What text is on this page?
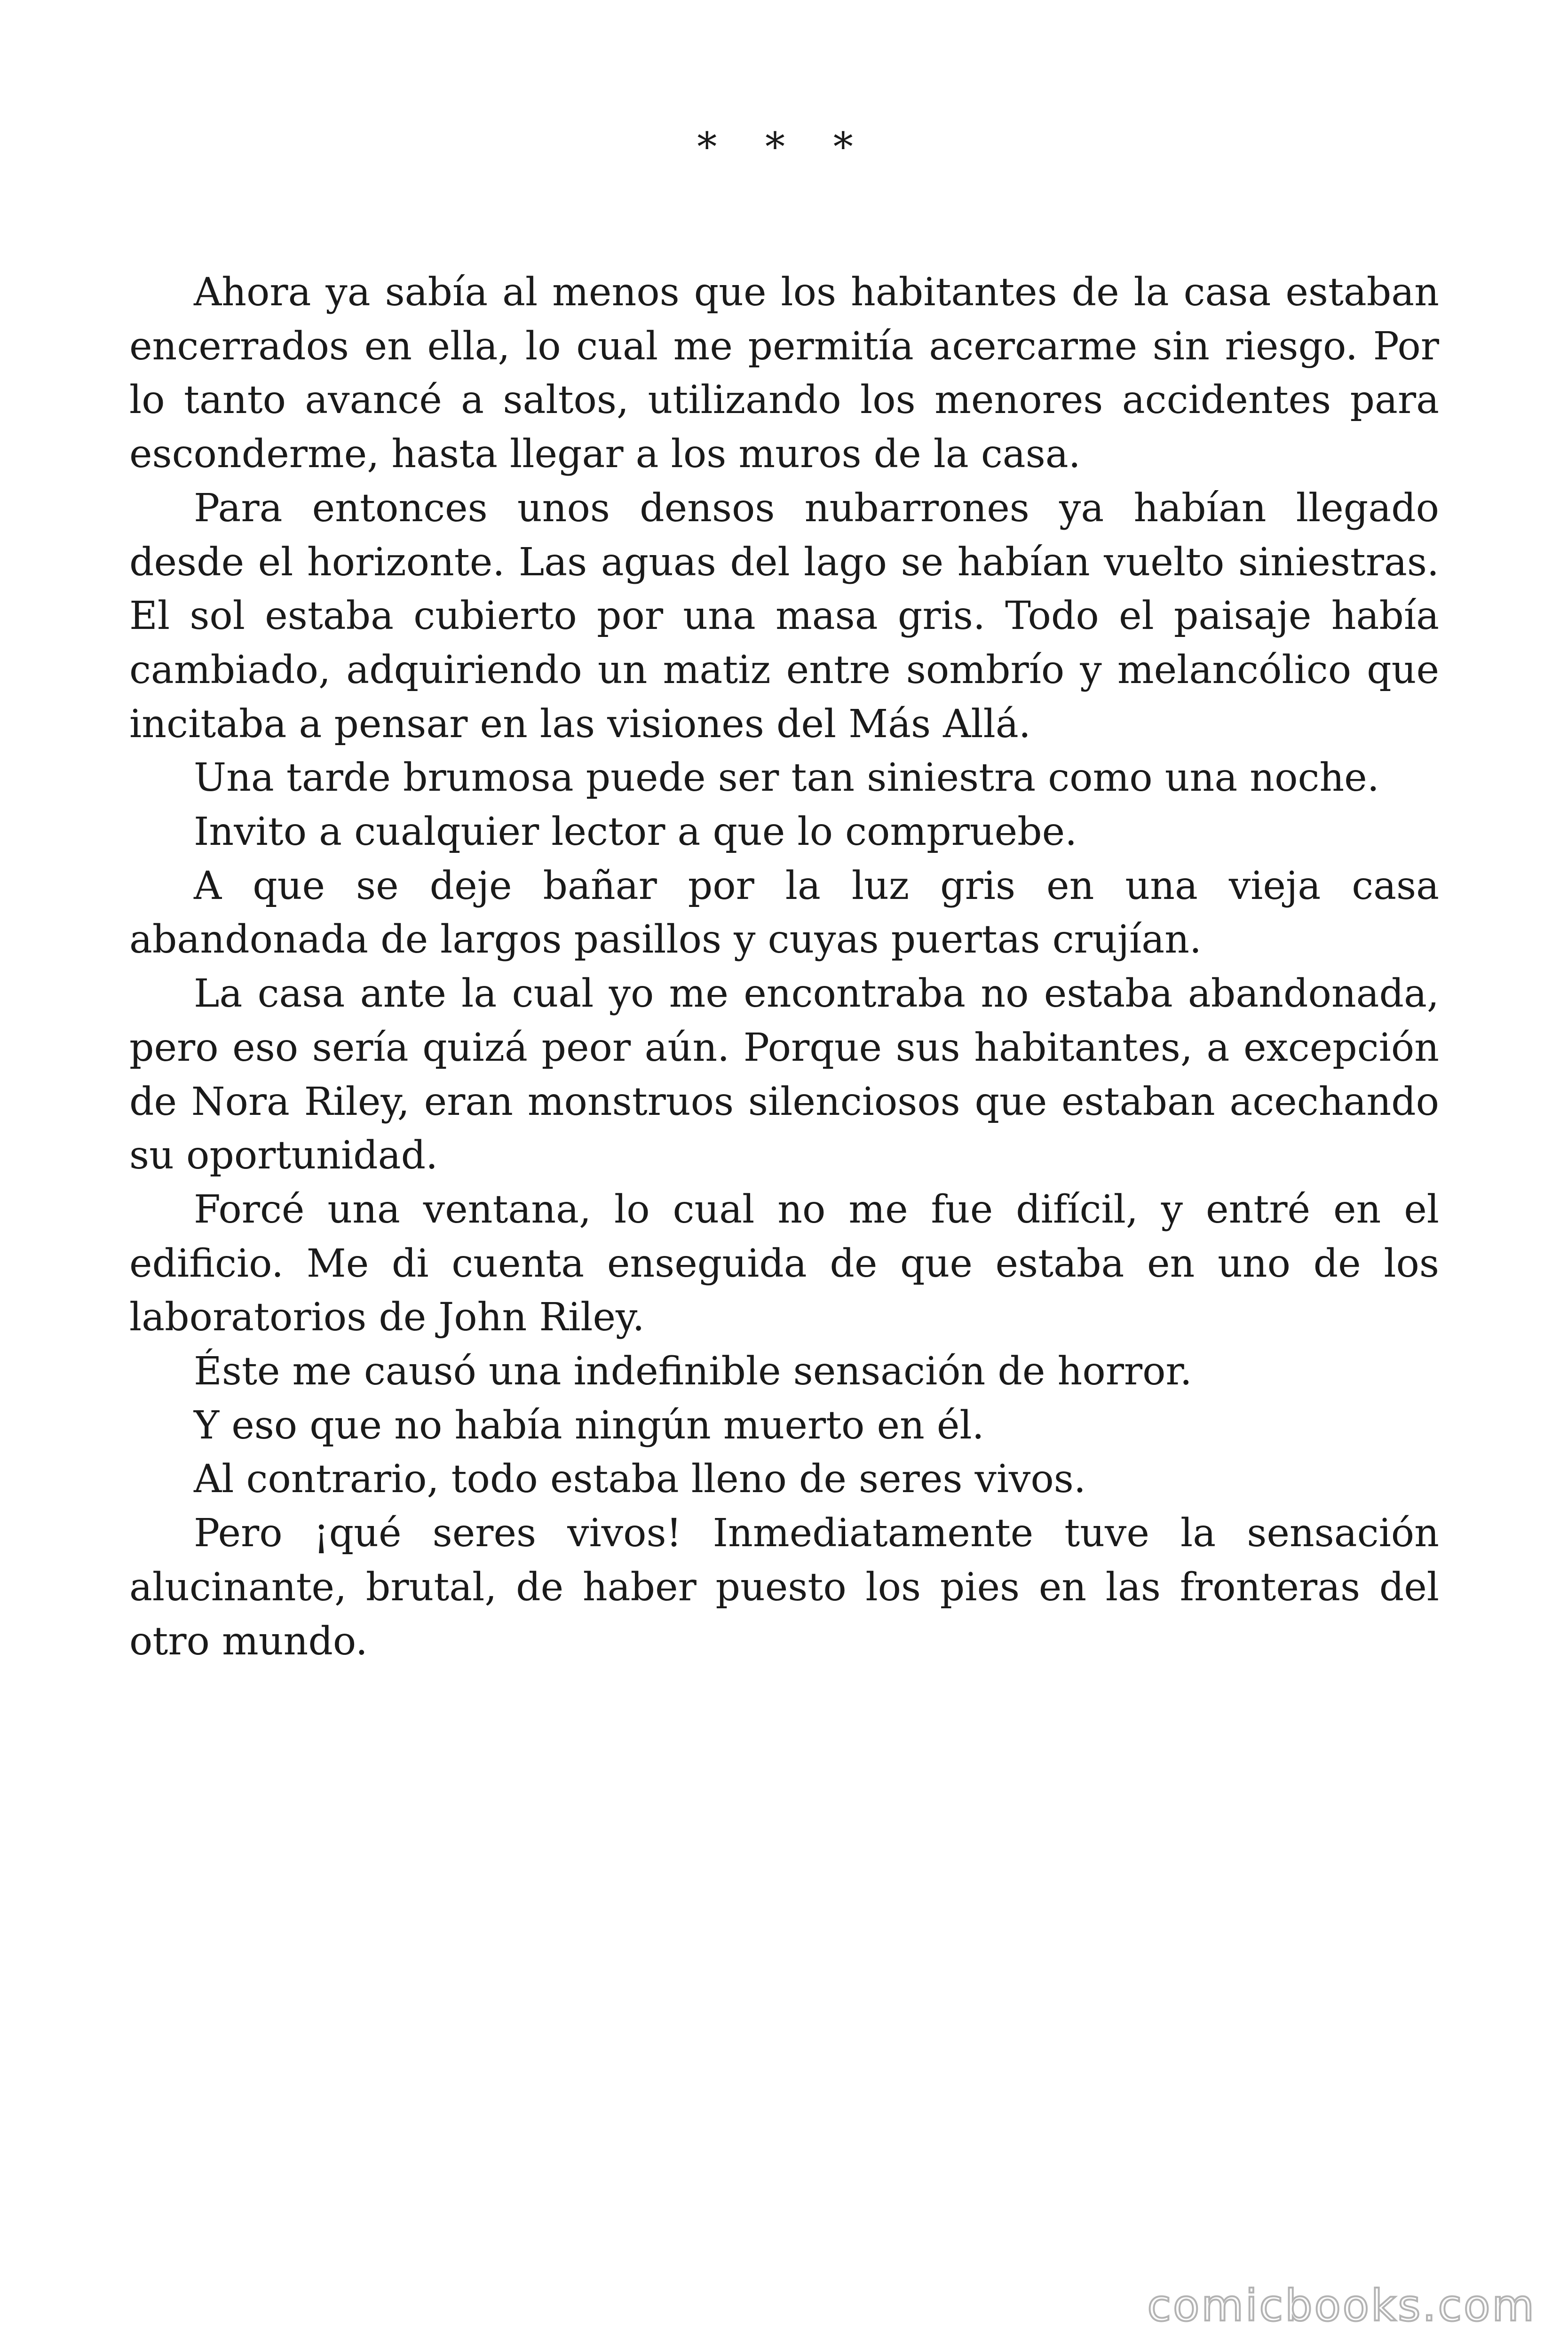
* * *

Ahora ya sabía al menos que los habitantes de la casa estaban encerrados en ella, lo cual me permitía acercarme sin riesgo. Por lo tanto avancé a saltos, utilizando los menores accidentes para esconderme, hasta llegar a los muros de la casa.

Para entonces unos densos nubarrones ya habían llegado desde el horizonte. Las aguas del lago se habían vuelto siniestras. El sol estaba cubierto por una masa gris. Todo el paisaje había cambiado, adquiriendo un matiz entre sombrío y melancólico que incitaba a pensar en las visiones del Más Allá.

Una tarde brumosa puede ser tan siniestra como una noche.

Invito a cualquier lector a que lo compruebe.

A que se deje bañar por la luz gris en una vieja casa abandonada de largos pasillos y cuyas puertas crujían.

La casa ante la cual yo me encontraba no estaba abandonada, pero eso sería quizá peor aún. Porque sus habitantes, a excepción de Nora Riley, eran monstruos silenciosos que estaban acechando su oportunidad.

Forcé una ventana, lo cual no me fue difícil, y entré en el edificio. Me di cuenta enseguida de que estaba en uno de los laboratorios de John Riley.

Éste me causó una indefinible sensación de horror.

Y eso que no había ningún muerto en él.

Al contrario, todo estaba lleno de seres vivos.

Pero ¡qué seres vivos! Inmediatamente tuve la sensación alucinante, brutal, de haber puesto los pies en las fronteras del otro mundo.

comicbooks.com
